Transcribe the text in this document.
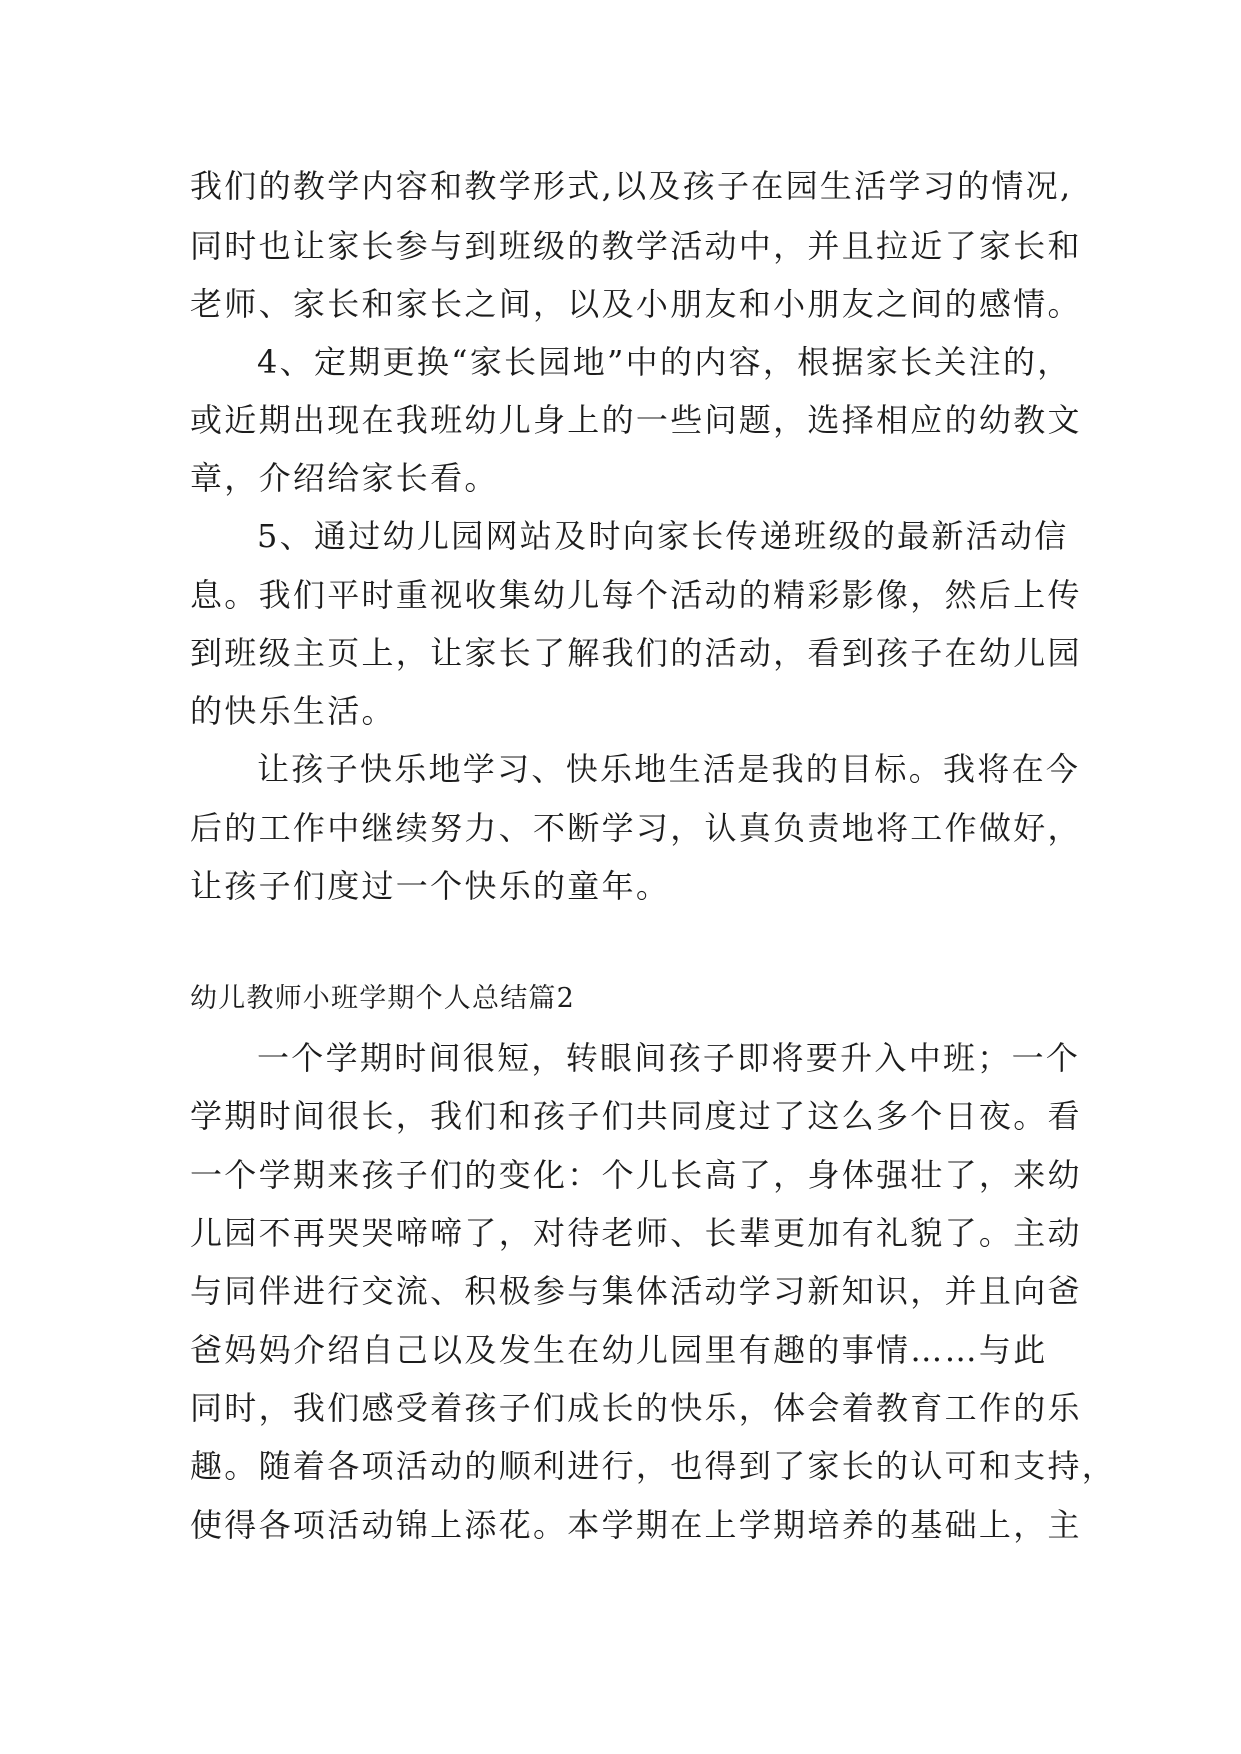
我们的教学内容和教学形式,以及孩子在园生活学习的情况,

同时也让家长参与到班级的教学活动中，并且拉近了家长和

老师、家长和家长之间，以及小朋友和小朋友之间的感情。

4、定期更换“家长园地”中的内容，根据家长关注的，

或近期出现在我班幼儿身上的一些问题，选择相应的幼教文

章，介绍给家长看。

5、通过幼儿园网站及时向家长传递班级的最新活动信

息。我们平时重视收集幼儿每个活动的精彩影像，然后上传

到班级主页上，让家长了解我们的活动，看到孩子在幼儿园

的快乐生活。

让孩子快乐地学习、快乐地生活是我的目标。我将在今

后的工作中继续努力、不断学习，认真负责地将工作做好，

让孩子们度过一个快乐的童年。

幼儿教师小班学期个人总结篇2

一个学期时间很短，转眼间孩子即将要升入中班；一个

学期时间很长，我们和孩子们共同度过了这么多个日夜。看

一个学期来孩子们的变化：个儿长高了，身体强壮了，来幼

儿园不再哭哭啼啼了，对待老师、长辈更加有礼貌了。主动

与同伴进行交流、积极参与集体活动学习新知识，并且向爸

爸妈妈介绍自己以及发生在幼儿园里有趣的事情……与此

同时，我们感受着孩子们成长的快乐，体会着教育工作的乐

趣。随着各项活动的顺利进行，也得到了家长的认可和支持，

使得各项活动锦上添花。本学期在上学期培养的基础上，主
